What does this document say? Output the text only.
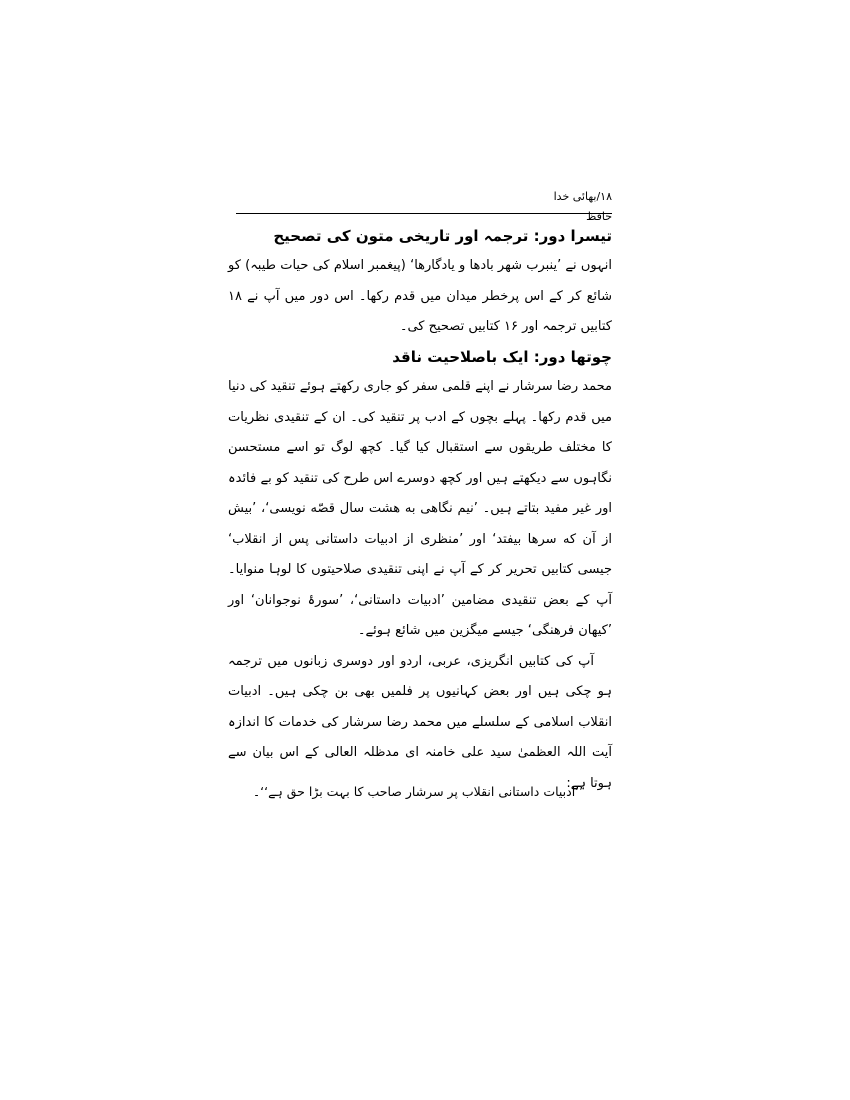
۱۸/بھائی خدا حافظ

تیسرا دور: ترجمہ اور تاریخی متون کی تصحیح

انہوں نے ’ینبرب شھر بادھا و یادگارھا‘ (پیغمبر اسلام کی حیات طیبہ) کو شائع کر کے اس پرخطر میدان میں قدم رکھا۔ اس دور میں آپ نے ۱۸ کتابیں ترجمہ اور ۱۶ کتابیں تصحیح کی۔

چوتھا دور: ایک باصلاحیت ناقد

محمد رضا سرشار نے اپنے قلمی سفر کو جاری رکھتے ہوئے تنقید کی دنیا میں قدم رکھا۔ پہلے بچوں کے ادب پر تنقید کی۔ ان کے تنقیدی نظریات کا مختلف طریقوں سے استقبال کیا گیا۔ کچھ لوگ تو اسے مستحسن نگاہوں سے دیکھتے ہیں اور کچھ دوسرے اس طرح کی تنقید کو بے فائدہ اور غیر مفید بتاتے ہیں۔ ’نیم نگاھی به هشت سال قصّه نویسی‘، ’بیش از آن که سرها بیفتد‘ اور ’منظری از ادبیات داستانی پس از انقلاب‘ جیسی کتابیں تحریر کر کے آپ نے اپنی تنقیدی صلاحیتوں کا لوہا منوایا۔ آپ کے بعض تنقیدی مضامین ’ادبیات داستانی‘، ’سورۂ نوجوانان‘ اور ’کیهان فرهنگی‘ جیسے میگزین میں شائع ہوئے۔

آپ کی کتابیں انگریزی، عربی، اردو اور دوسری زبانوں میں ترجمہ ہو چکی ہیں اور بعض کہانیوں پر فلمیں بھی بن چکی ہیں۔ ادبیات انقلاب اسلامی کے سلسلے میں محمد رضا سرشار کی خدمات کا اندازہ آیت اللہ العظمیٰ سید علی خامنہ ای مدظلہ العالی کے اس بیان سے ہوتا ہے:

’’ادبیات داستانی انقلاب پر سرشار صاحب کا بہت بڑا حق ہے‘‘۔
